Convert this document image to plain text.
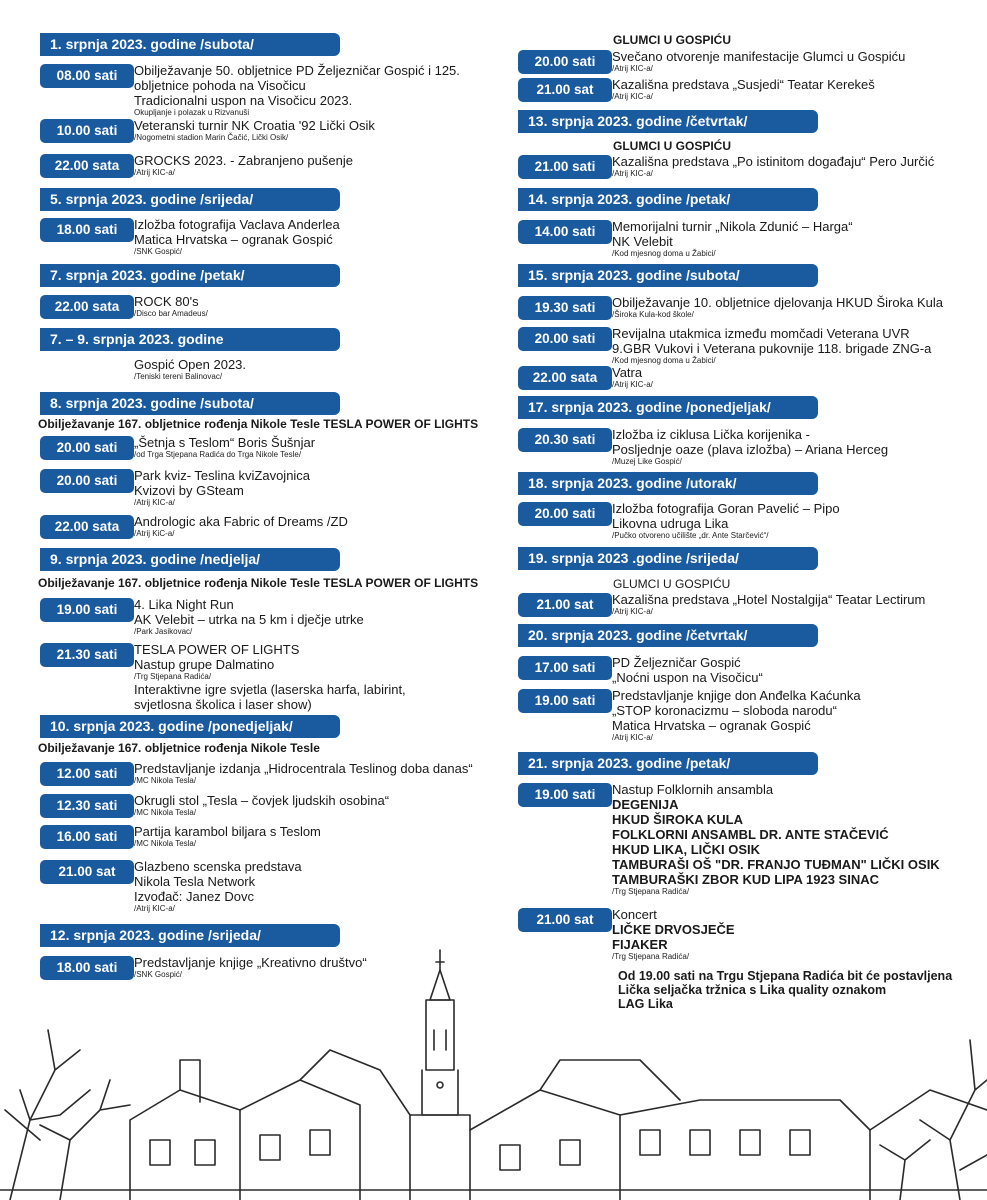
1. srpnja 2023. godine /subota/
08.00 sati	Obilježavanje 50. obljetnice PD Željezničar Gospić i 125.
obljetnice pohoda na Visočicu
Tradicionalni uspon na Visočicu 2023.
Okupljanje i polazak u Rizvanuši
10.00 sati	Veteranski turnir NK Croatia '92 Lički Osik
/Nogometni stadion Marin Čačić, Lički Osik/
22.00 sata	GROCKS 2023. - Zabranjeno pušenje
/Atrij KIC-a/
5. srpnja 2023. godine /srijeda/
18.00 sati	Izložba fotografija Vaclava Anderlea
Matica Hrvatska – ogranak Gospić
/SNK Gospić/
7. srpnja 2023. godine /petak/
22.00 sata	ROCK 80's
/Disco bar Amadeus/
7. – 9. srpnja 2023. godine
Gospić Open 2023.
/Teniski tereni Balinovac/
8. srpnja 2023. godine /subota/
Obilježavanje 167. obljetnice rođenja Nikole Tesle TESLA POWER OF LIGHTS
20.00 sati	„Šetnja s Teslom“ Boris Šušnjar
/od Trga Stjepana Radića do Trga Nikole Tesle/
20.00 sati	Park kviz- Teslina kviZavojnica
Kvizovi by GSteam
/Atrij KIC-a/
22.00 sata	Andrologic aka Fabric of Dreams /ZD
/Atrij KiC-a/
9. srpnja 2023. godine /nedjelja/
Obilježavanje 167. obljetnice rođenja Nikole Tesle TESLA POWER OF LIGHTS
19.00 sati	4. Lika Night Run
AK Velebit – utrka na 5 km i dječje utrke
/Park Jasikovac/
21.30 sati	TESLA POWER OF LIGHTS
Nastup grupe Dalmatino
/Trg Stjepana Radića/
Interaktivne igre svjetla (laserska harfa, labirint,
svjetlosna školica i laser show)
10. srpnja 2023. godine /ponedjeljak/
Obilježavanje 167. obljetnice rođenja Nikole Tesle
12.00 sati	Predstavljanje izdanja „Hidrocentrala Teslinog doba danas“
/MC Nikola Tesla/
12.30 sati	Okrugli stol „Tesla – čovjek ljudskih osobina“
/MC Nikola Tesla/
16.00 sati	Partija karambol biljara s Teslom
/MC Nikola Tesla/
21.00 sat	Glazbeno scenska predstava
Nikola Tesla Network
Izvođač: Janez Dovc
/Atrij KIC-a/
12. srpnja 2023. godine /srijeda/
18.00 sati	Predstavljanje knjige „Kreativno društvo“
/SNK Gospić/
GLUMCI U GOSPIĆU
20.00 sati	Svečano otvorenje manifestacije Glumci u Gospiću
/Atrij KIC-a/
21.00 sat	Kazališna predstava „Susjedi“ Teatar Kerekeš
/Atrij KIC-a/
13. srpnja 2023. godine /četvrtak/
GLUMCI U GOSPIĆU
21.00 sati	Kazališna predstava „Po istinitom događaju“ Pero Jurčić
/Atrij KIC-a/
14. srpnja 2023. godine /petak/
14.00 sati	Memorijalni turnir „Nikola Zdunić – Harga“
NK Velebit
/Kod mjesnog doma u Žabici/
15. srpnja 2023. godine /subota/
19.30 sati	Obilježavanje 10. obljetnice djelovanja HKUD Široka Kula
/Široka Kula-kod škole/
20.00 sati	Revijalna utakmica između momčadi Veterana UVR
9.GBR Vukovi i Veterana pukovnije 118. brigade ZNG-a
/Kod mjesnog doma u Žabici/
22.00 sata	Vatra
/Atrij KIC-a/
17. srpnja 2023. godine /ponedjeljak/
20.30 sati	Izložba iz ciklusa Lička korijenika -
Posljednje oaze (plava izložba) – Ariana Herceg
/Muzej Like Gospić/
18. srpnja 2023. godine /utorak/
20.00 sati	Izložba fotografija Goran Pavelić – Pipo
Likovna udruga Lika
/Pučko otvoreno učilište „dr. Ante Starčević“/
19. srpnja 2023 .godine /srijeda/
GLUMCI U GOSPIĆU
21.00 sat	Kazališna predstava „Hotel Nostalgija“ Teatar Lectirum
/Atrij KIC-a/
20. srpnja 2023. godine /četvrtak/
17.00 sati	PD Željezničar Gospić
„Noćni uspon na Visočicu“
19.00 sati	Predstavljanje knjige don Anđelka Kaćunka
„STOP koronacizmu – sloboda narodu“
Matica Hrvatska – ogranak Gospić
/Atrij KIC-a/
21. srpnja 2023. godine /petak/
19.00 sati	Nastup Folklornih ansambla
DEGENIJA
HKUD ŠIROKA KULA
FOLKLORNI ANSAMBL DR. ANTE STAČEVIĆ
HKUD LIKA, LIČKI OSIK
TAMBURAŠI OŠ "DR. FRANJO TUĐMAN" LIČKI OSIK
TAMBURAŠKI ZBOR KUD LIPA 1923 SINAC
/Trg Stjepana Radića/
21.00 sat	Koncert
LIČKE DRVOSJEČE
FIJAKER
/Trg Stjepana Radića/
Od 19.00 sati na Trgu Stjepana Radića bit će postavljena
Lička seljačka tržnica s Lika quality oznakom
LAG Lika
